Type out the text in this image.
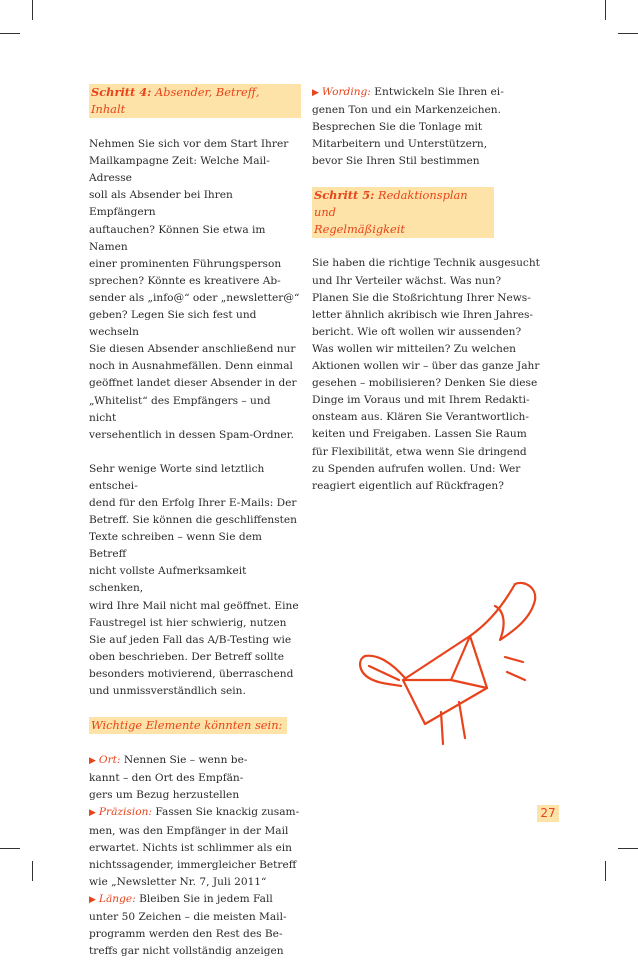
Schritt 4: Absender, Betreff, Inhalt

Nehmen Sie sich vor dem Start Ihrer
Mailkampagne Zeit: Welche Mail-Adresse
soll als Absender bei Ihren Empfängern
auftauchen? Können Sie etwa im Namen
einer prominenten Führungsperson
sprechen? Könnte es kreativere Ab-
sender als „info@“ oder „newsletter@“
geben? Legen Sie sich fest und wechseln
Sie diesen Absender anschließend nur
noch in Ausnahmefällen. Denn einmal
geöffnet landet dieser Absender in der
„Whitelist“ des Empfängers – und nicht
versehentlich in dessen Spam-Ordner.

Sehr wenige Worte sind letztlich entschei-
dend für den Erfolg Ihrer E-Mails: Der
Betreff. Sie können die geschliffensten
Texte schreiben – wenn Sie dem Betreff
nicht vollste Aufmerksamkeit schenken,
wird Ihre Mail nicht mal geöffnet. Eine
Faustregel ist hier schwierig, nutzen
Sie auf jeden Fall das A/B-Testing wie
oben beschrieben. Der Betreff sollte
besonders motivierend, überraschend
und unmissverständlich sein.

Wichtige Elemente könnten sein:

▶ Ort: Nennen Sie – wenn be-
kannt – den Ort des Empfän-
gers um Bezug herzustellen
▶ Präzision: Fassen Sie knackig zusam-
men, was den Empfänger in der Mail
erwartet. Nichts ist schlimmer als ein
nichtssagender, immergleicher Betreff
wie „Newsletter Nr. 7, Juli 2011“
▶ Länge: Bleiben Sie in jedem Fall
unter 50 Zeichen – die meisten Mail-
programm werden den Rest des Be-
treffs gar nicht vollständig anzeigen

▶ Wording: Entwickeln Sie Ihren ei-
genen Ton und ein Markenzeichen.
Besprechen Sie die Tonlage mit
Mitarbeitern und Unterstützern,
bevor Sie Ihren Stil bestimmen

Schritt 5: Redaktionsplan und
Regelmäßigkeit

Sie haben die richtige Technik ausgesucht
und Ihr Verteiler wächst. Was nun?
Planen Sie die Stoßrichtung Ihrer News-
letter ähnlich akribisch wie Ihren Jahres-
bericht. Wie oft wollen wir aussenden?
Was wollen wir mitteilen? Zu welchen
Aktionen wollen wir – über das ganze Jahr
gesehen – mobilisieren? Denken Sie diese
Dinge im Voraus und mit Ihrem Redakti-
onsteam aus. Klären Sie Verantwortlich-
keiten und Freigaben. Lassen Sie Raum
für Flexibilität, etwa wenn Sie dringend
zu Spenden aufrufen wollen. Und: Wer
reagiert eigentlich auf Rückfragen?

27
